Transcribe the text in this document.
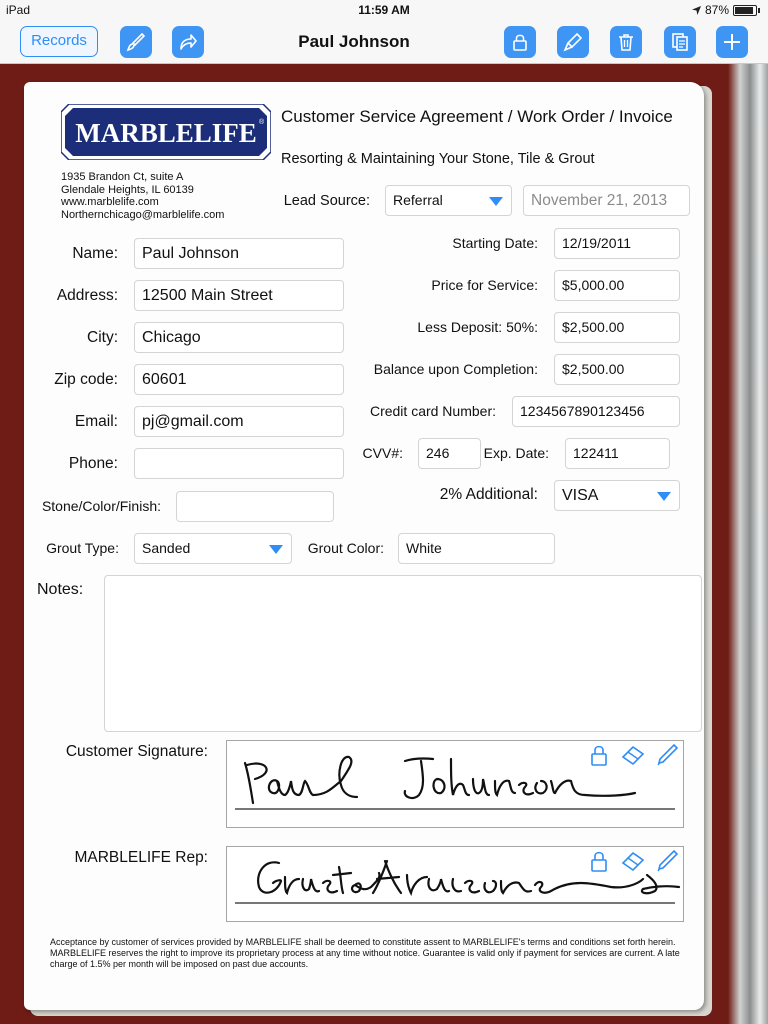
iPad	11:59 AM	87%
Records	Paul Johnson
MARBLELIFE ®
1935 Brandon Ct, suite A
Glendale Heights, IL 60139
www.marblelife.com
Northernchicago@marblelife.com
Customer Service Agreement / Work Order / Invoice
Resorting & Maintaining Your Stone, Tile & Grout
Lead Source:	Referral	November 21, 2013
Name:	Paul Johnson
Address:	12500 Main Street
City:	Chicago
Zip code:	60601
Email:	pj@gmail.com
Phone:
Stone/Color/Finish:
Starting Date:	12/19/2011
Price for Service:	$5,000.00
Less Deposit: 50%:	$2,500.00
Balance upon Completion:	$2,500.00
Credit card Number:	1234567890123456
CVV#:	246	Exp. Date:	122411
2% Additional:	VISA
Grout Type:	Sanded	Grout Color:	White
Notes:
Customer Signature:
MARBLELIFE Rep:
Acceptance by customer of services provided by MARBLELIFE shall be deemed to constitute assent to MARBLELIFE's terms and conditions set forth herein. MARBLELIFE reserves the right to improve its proprietary process at any time without notice. Guarantee is valid only if payment for services are current. A late charge of 1.5% per month will be imposed on past due accounts.
